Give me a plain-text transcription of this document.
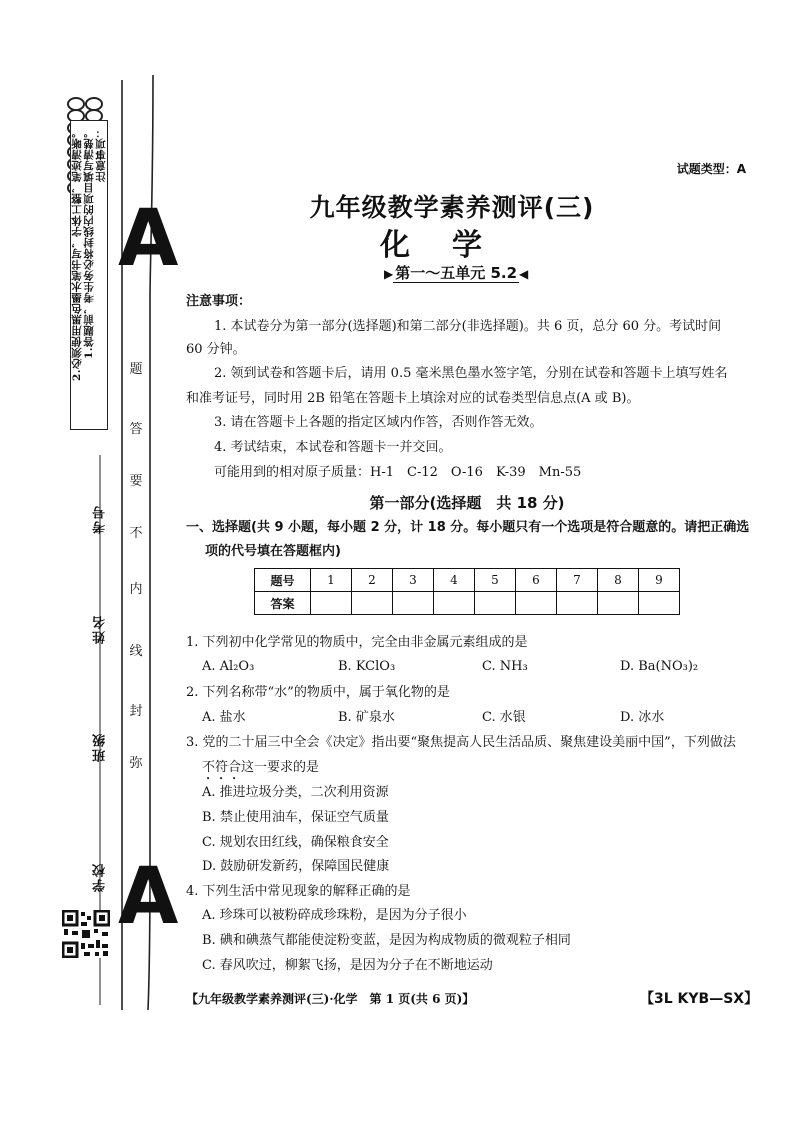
注意事项：
1.答题前，考生务必将封线内的项目填写清楚。
2.必须使用黑色墨水笔书写，字体工整，笔迹清晰。 A
A
题
答
要
不
内
线
封
弥
考号
姓名
班级
学校
试题类型：A
九年级教学素养测评(三)
化学
▶ 第一～五单元 5.2 ◀
注意事项：
1. 本试卷分为第一部分(选择题)和第二部分(非选择题)。共 6 页，总分 60 分。考试时间
60 分钟。
2. 领到试卷和答题卡后，请用 0.5 毫米黑色墨水签字笔，分别在试卷和答题卡上填写姓名
和准考证号，同时用 2B 铅笔在答题卡上填涂对应的试卷类型信息点(A 或 B)。
3. 请在答题卡上各题的指定区域内作答，否则作答无效。
4. 考试结束，本试卷和答题卡一并交回。
可能用到的相对原子质量：H-1　C-12　O-16　K-39　Mn-55
第一部分(选择题　共 18 分)
一、选择题(共 9 小题，每小题 2 分，计 18 分。每小题只有一个选项是符合题意的。请把正确选
项的代号填在答题框内)
题号	1	2	3	4	5	6	7	8	9
答案									
1. 下列初中化学常见的物质中，完全由非金属元素组成的是
A. Al₂O₃	B. KClO₃	C. NH₃	D. Ba(NO₃)₂
2. 下列名称带“水”的物质中，属于氧化物的是
A. 盐水	B. 矿泉水	C. 水银	D. 冰水
3. 党的二十届三中全会《决定》指出要“聚焦提高人民生活品质、聚焦建设美丽中国”，下列做法
不符合这一要求的是
A. 推进垃圾分类，二次利用资源
B. 禁止使用油车，保证空气质量
C. 规划农田红线，确保粮食安全
D. 鼓励研发新药，保障国民健康
4. 下列生活中常见现象的解释正确的是
A. 珍珠可以被粉碎成珍珠粉，是因为分子很小
B. 碘和碘蒸气都能使淀粉变蓝，是因为构成物质的微观粒子相同
C. 春风吹过，柳絮飞扬，是因为分子在不断地运动
【九年级教学素养测评(三)·化学　第 1 页(共 6 页)】	【3L KYB—SX】
